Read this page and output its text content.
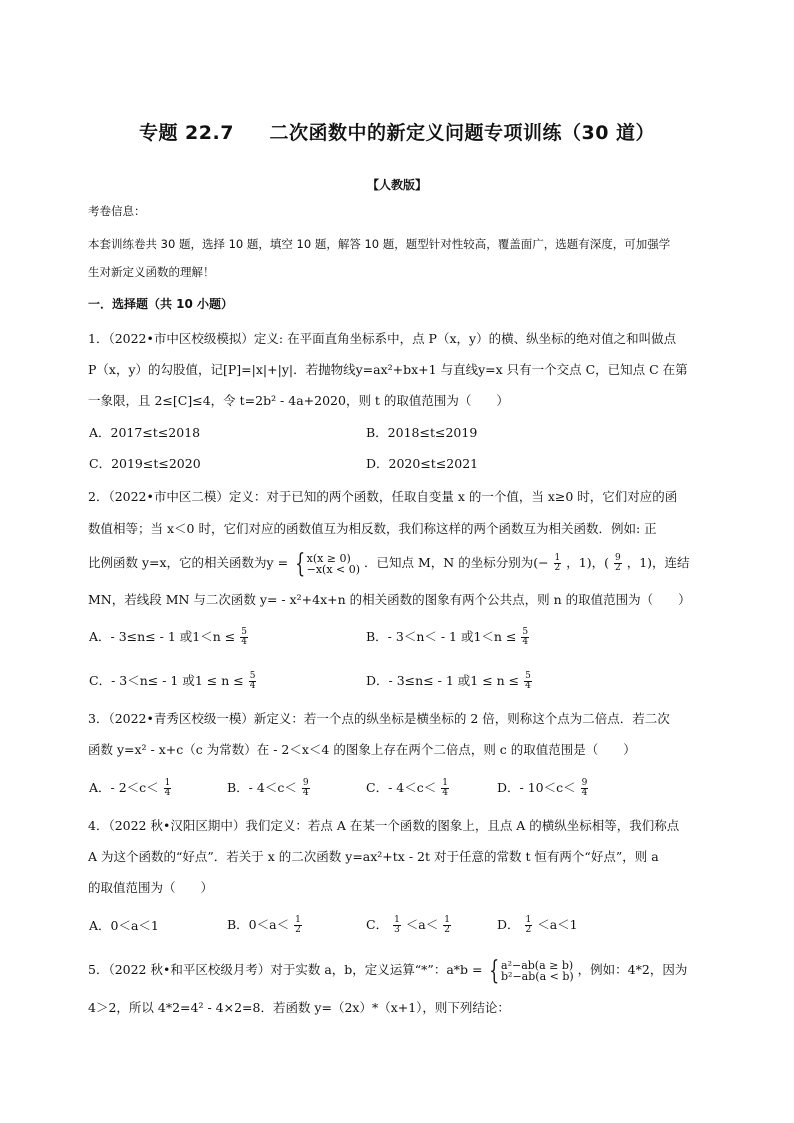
专题 22.7     二次函数中的新定义问题专项训练（30 道）
【人教版】
考卷信息：
本套训练卷共 30 题，选择 10 题，填空 10 题，解答 10 题，题型针对性较高，覆盖面广，选题有深度，可加强学
生对新定义函数的理解！
一．选择题（共 10 小题）
1．（2022•市中区校级模拟）定义: 在平面直角坐标系中，点 P（x，y）的横、纵坐标的绝对值之和叫做点
P（x，y）的勾股值，记[P]=|x|+|y|．若抛物线y=ax²+bx+1 与直线y=x 只有一个交点 C，已知点 C 在第
一象限，且 2≤[C]≤4，令 t=2b² - 4a+2020，则 t 的取值范围为（　　）
A．2017≤t≤2018	B．2018≤t≤2019
C．2019≤t≤2020	D．2020≤t≤2021
2．（2022•市中区二模）定义：对于已知的两个函数，任取自变量 x 的一个值，当 x≥0 时，它们对应的函
数值相等；当 x＜0 时，它们对应的函数值互为相反数，我们称这样的两个函数互为相关函数．例如: 正
比例函数 y=x，它的相关函数为y = { x(x ≥ 0)
−x(x < 0) ．已知点 M，N 的坐标分别为(− $\frac{1}{2}$ ，1)，( $\frac{9}{2}$ ，1)，连结
MN，若线段 MN 与二次函数 y= - x²+4x+n 的相关函数的图象有两个公共点，则 n 的取值范围为（　　）
A．- 3≤n≤ - 1 或$1<n \le \frac{5}{4}$	B．- 3＜n＜ - 1 或$1<n \le \frac{5}{4}$
C．- 3＜n≤ - 1 或$1 \le n \le \frac{5}{4}$	D．- 3≤n≤ - 1 或$1 \le n \le \frac{5}{4}$
3．（2022•青秀区校级一模）新定义：若一个点的纵坐标是横坐标的 2 倍，则称这个点为二倍点．若二次
函数 y=x² - x+c（c 为常数）在 - 2＜x＜4 的图象上存在两个二倍点，则 c 的取值范围是（　　）
A．- $2<c< \frac{1}{4}$	B．- $4<c< \frac{9}{4}$	C．- $4<c< \frac{1}{4}$	D．- $10<c< \frac{9}{4}$
4．（2022 秋•汉阳区期中）我们定义：若点 A 在某一个函数的图象上，且点 A 的横纵坐标相等，我们称点
A 为这个函数的“好点”．若关于 x 的二次函数 y=ax²+tx - 2t 对于任意的常数 t 恒有两个“好点”，则 a
的取值范围为（　　）
A．0＜a＜1	B．$0<a< \frac{1}{2}$	C． $\frac{1}{3} <a< \frac{1}{2}$	D． $\frac{1}{2} <a<1$
5．（2022 秋•和平区校级月考）对于实数 a，b，定义运算“*”：a*b = { a²−ab(a ≥ b)
b²−ab(a < b) ，例如：4*2，因为
4＞2，所以 4*2=4² - 4×2=8．若函数 y=（2x）*（x+1），则下列结论：
